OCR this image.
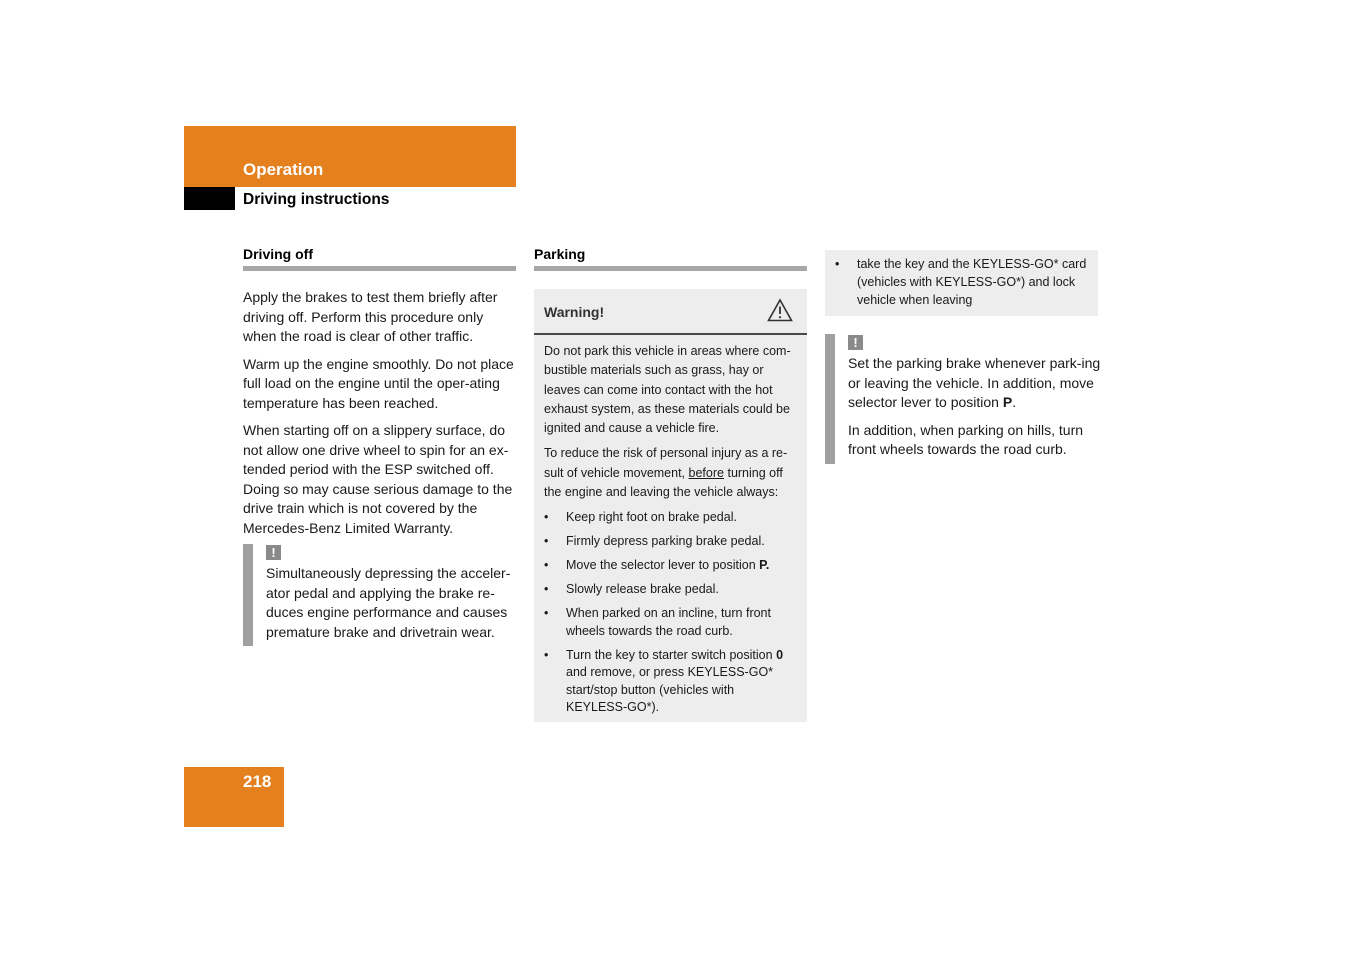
Operation
Driving instructions
Driving off

Apply the brakes to test them briefly after driving off. Perform this procedure only when the road is clear of other traffic.

Warm up the engine smoothly. Do not place full load on the engine until the oper-ating temperature has been reached.

When starting off on a slippery surface, do not allow one drive wheel to spin for an ex-tended period with the ESP switched off. Doing so may cause serious damage to the drive train which is not covered by the Mercedes-Benz Limited Warranty.

!
Simultaneously depressing the acceler-ator pedal and applying the brake re-duces engine performance and causes premature brake and drivetrain wear.
Parking
Warning!

Do not park this vehicle in areas where com-bustible materials such as grass, hay or leaves can come into contact with the hot exhaust system, as these materials could be ignited and cause a vehicle fire.

To reduce the risk of personal injury as a re-sult of vehicle movement, before turning off the engine and leaving the vehicle always:

• Keep right foot on brake pedal.
• Firmly depress parking brake pedal.
• Move the selector lever to position P.
• Slowly release brake pedal.
• When parked on an incline, turn front wheels towards the road curb.
• Turn the key to starter switch position 0 and remove, or press KEYLESS-GO* start/stop button (vehicles with KEYLESS-GO*).
• take the key and the KEYLESS-GO* card (vehicles with KEYLESS-GO*) and lock vehicle when leaving
!

Set the parking brake whenever park-ing or leaving the vehicle. In addition, move selector lever to position P.

In addition, when parking on hills, turn front wheels towards the road curb.

218
